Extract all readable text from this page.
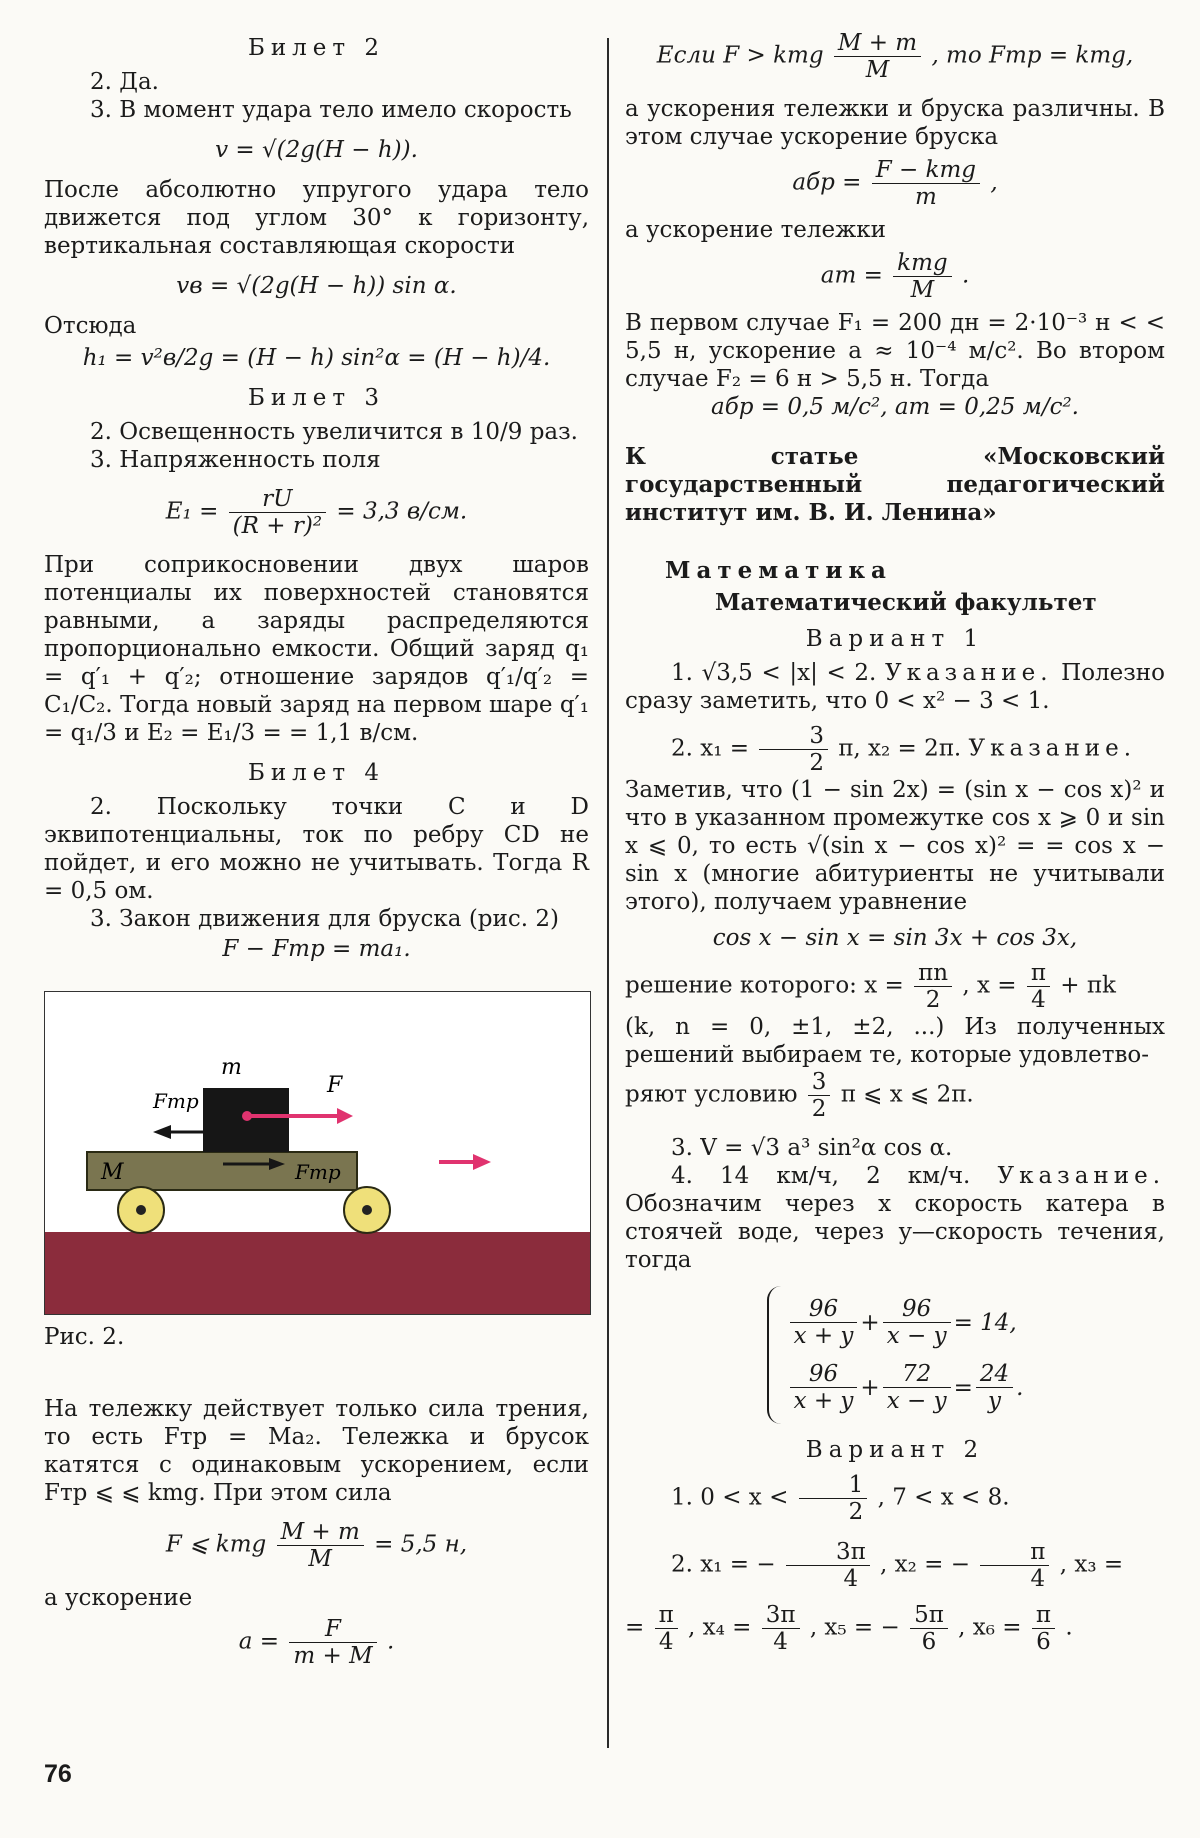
Билет 2

2. Да.

3. В момент удара тело имело скорость

v = √(2g(H − h)).

После абсолютно упругого удара тело движется под углом 30° к горизонту, вертикальная составляющая скорости

vв = √(2g(H − h)) sin α.

Отсюда

h₁ = v²в/2g = (H − h) sin²α = (H − h)/4.
Билет 3

2. Освещенность увеличится в 10/9 раз.

3. Напряженность поля

$E_1 = \frac{rU}{\text{(R + r)²}} = 3,3$ в/см.

При соприкосновении двух шаров потенциалы их поверхностей становятся равными, а заряды распределяются пропорционально емкости. Общий заряд q₁ = q′₁ + q′₂; отношение зарядов q′₁/q′₂ = C₁/C₂. Тогда новый заряд на первом шаре q′₁ = q₁/3 и E₂ = E₁/3 = = 1,1 в/см.

Билет 4

2. Поскольку точки C и D эквипотенциальны, ток по ребру CD не пойдет, и его можно не учитывать. Тогда R = 0,5 ом.

3. Закон движения для бруска (рис. 2)

F − Fтр = ma₁.
m
F
Fтр
M	Fтр

Рис. 2.

На тележку действует только сила трения, то есть Fтр = Ma₂. Тележка и брусок катятся с одинаковым ускорением, если Fтр ⩽ ⩽ kmg. При этом сила

F ⩽ kmg $\frac{M + m}{M} = 5,5$ н,

а ускорение

$a = \frac{F}{m + M}$ .
Если F > kmg $\frac{M + m}{M}$ , то Fтр = kmg,

а ускорения тележки и бруска различны. В этом случае ускорение бруска

aбр = F − kmg
m
,

а ускорение тележки

aт = kmg
M
.

В первом случае F₁ = 200 дн = 2·10⁻³ н < < 5,5 н, ускорение a ≈ 10⁻⁴ м/с². Во втором случае F₂ = 6 н > 5,5 н. Тогда

aбр = 0,5 м/с², aт = 0,25 м/с².

К статье «Московский государственный педагогический институт им. В. И. Ленина»

Математика

Математический факультет

Вариант 1

1. √3,5 < |x| < 2. Указание. Полезно сразу заметить, что 0 < x² − 3 < 1.

2. $x_1 = \frac{3}{2} \pi$, x₂ = 2π. Указание.

Заметив, что (1 − sin 2x) = (sin x − cos x)² и что в указанном промежутке cos x ⩾ 0 и sin x ⩽ 0, то есть √(sin x − cos x)² = = cos x − sin x (многие абитуриенты не учитывали этого), получаем уравнение

cos x − sin x = sin 3x + cos 3x,

решение которого: $x = \frac{\pi n}{2}$ , $x = \frac{\pi}{4} + \pi k$

(k, n = 0, ±1, ±2, ...) Из полученных решений выбираем те, которые удовлетво-

ряют условию $\frac{3}{2}$ π ⩽ x ⩽ 2π.

3. V = √3 a³ sin²α cos α.

4. 14 км/ч, 2 км/ч. Указание. Обозначим через x скорость катера в стоячей воде, через y—скорость течения, тогда

$\frac{96}{x + y} + \frac{96}{x - y} = 14$,
$\frac{96}{x + y} + \frac{72}{x - y} = \frac{24}{y}$ .
Вариант 2

1. $0 < x < \frac{1}{2}$ , 7 < x < 8.

2. x₁ = − $\frac{3\pi}{4}$ , x₂ = − $\frac{\pi}{4}$ , x₃ =

= $\frac{\pi}{4}$ , $x_4 = \frac{3\pi}{4}$ , x₅ = − $\frac{5\pi}{6}$ , $x_6 = \frac{\pi}{6}$ .

76
